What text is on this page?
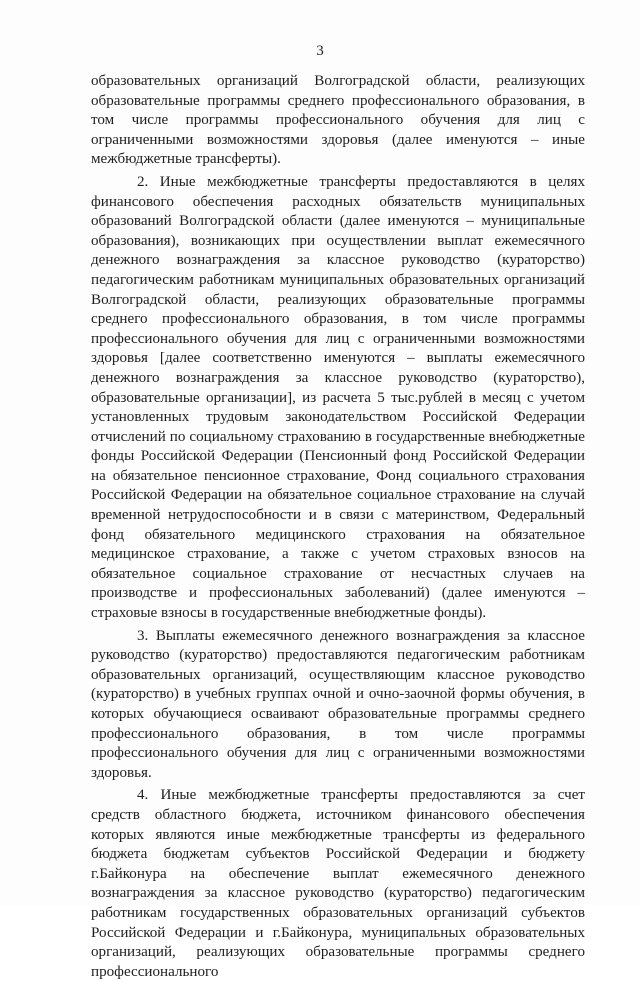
3

образовательных организаций Волгоградской области, реализующих образовательные программы среднего профессионального образования, в том числе программы профессионального обучения для лиц с ограниченными возможностями здоровья (далее именуются – иные межбюджетные трансферты).

2. Иные межбюджетные трансферты предоставляются в целях финансового обеспечения расходных обязательств муниципальных образований Волгоградской области (далее именуются – муниципальные образования), возникающих при осуществлении выплат ежемесячного денежного вознаграждения за классное руководство (кураторство) педагогическим работникам муниципальных образовательных организаций Волгоградской области, реализующих образовательные программы среднего профессионального образования, в том числе программы профессионального обучения для лиц с ограниченными возможностями здоровья [далее соответственно именуются – выплаты ежемесячного денежного вознаграждения за классное руководство (кураторство), образовательные организации], из расчета 5 тыс.рублей в месяц с учетом установленных трудовым законодательством Российской Федерации отчислений по социальному страхованию в государственные внебюджетные фонды Российской Федерации (Пенсионный фонд Российской Федерации на обязательное пенсионное страхование, Фонд социального страхования Российской Федерации на обязательное социальное страхование на случай временной нетрудоспособности и в связи с материнством, Федеральный фонд обязательного медицинского страхования на обязательное медицинское страхование, а также с учетом страховых взносов на обязательное социальное страхование от несчастных случаев на производстве и профессиональных заболеваний) (далее именуются – страховые взносы в государственные внебюджетные фонды).

3. Выплаты ежемесячного денежного вознаграждения за классное руководство (кураторство) предоставляются педагогическим работникам образовательных организаций, осуществляющим классное руководство (кураторство) в учебных группах очной и очно-заочной формы обучения, в которых обучающиеся осваивают образовательные программы среднего профессионального образования, в том числе программы профессионального обучения для лиц с ограниченными возможностями здоровья.

4. Иные межбюджетные трансферты предоставляются за счет средств областного бюджета, источником финансового обеспечения которых являются иные межбюджетные трансферты из федерального бюджета бюджетам субъектов Российской Федерации и бюджету г.Байконура на обеспечение выплат ежемесячного денежного вознаграждения за классное руководство (кураторство) педагогическим работникам государственных образовательных организаций субъектов Российской Федерации и г.Байконура, муниципальных образовательных организаций, реализующих образовательные программы среднего профессионального
